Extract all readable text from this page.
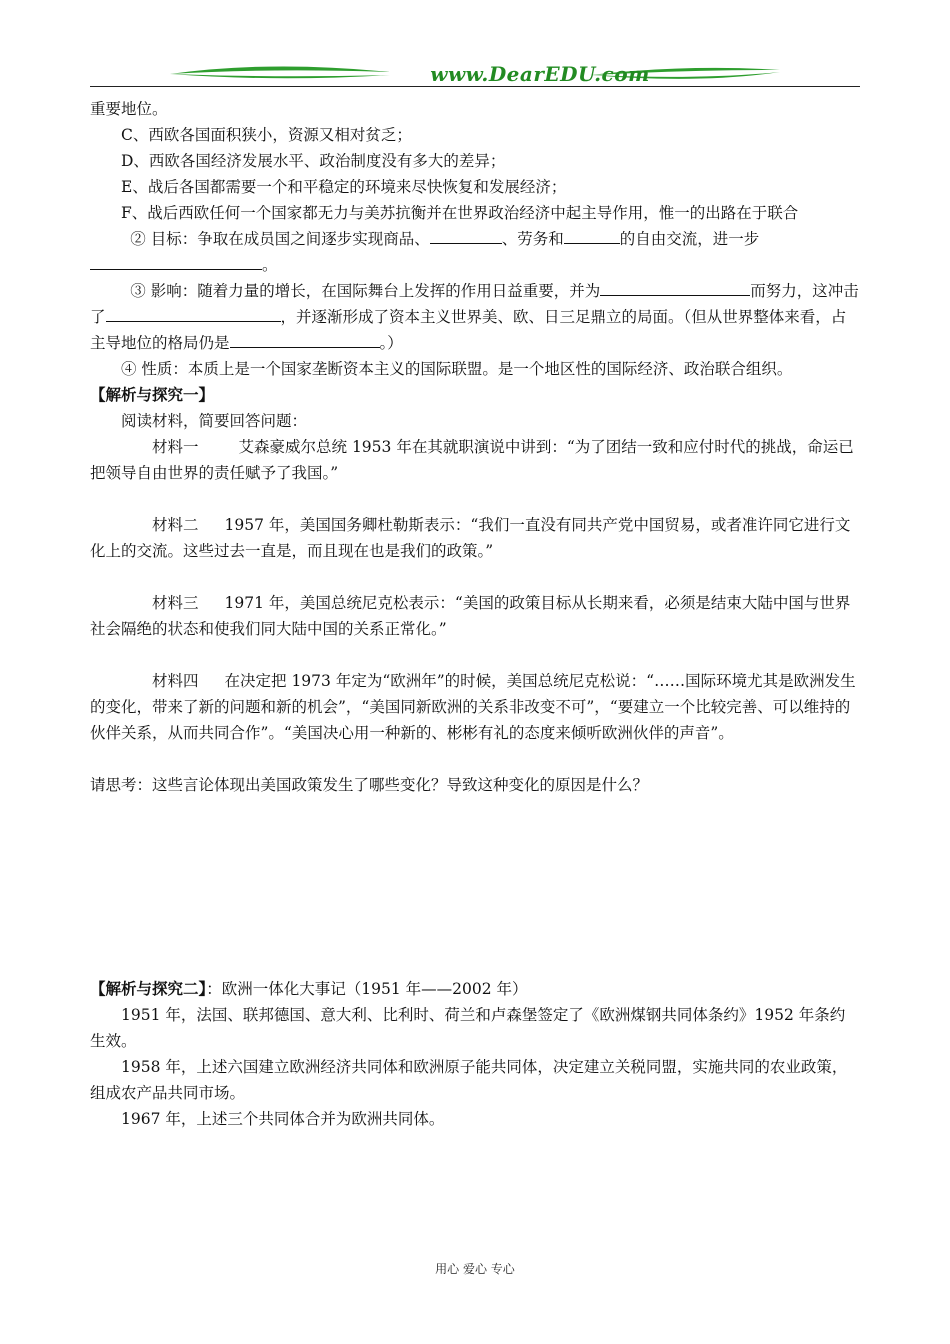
www.DearEDU.com

重要地位。

C、西欧各国面积狭小，资源又相对贫乏；

D、西欧各国经济发展水平、政治制度没有多大的差异；

E、战后各国都需要一个和平稳定的环境来尽快恢复和发展经济；

F、战后西欧任何一个国家都无力与美苏抗衡并在世界政治经济中起主导作用，惟一的出路在于联合

② 目标：争取在成员国之间逐步实现商品、	、劳务和	的自由交流，进一步
。

③ 影响：随着力量的增长，在国际舞台上发挥的作用日益重要，并为	而努力，这冲击了	，并逐渐形成了资本主义世界美、欧、日三足鼎立的局面。（但从世界整体来看，占主导地位的格局仍是	。）

④ 性质：本质上是一个国家垄断资本主义的国际联盟。是一个地区性的国际经济、政治联合组织。

【解析与探究一】

阅读材料，简要回答问题：

材料一	艾森豪威尔总统 1953 年在其就职演说中讲到：“为了团结一致和应付时代的挑战，命运已把领导自由世界的责任赋予了我国。”

材料二 1957 年，美国国务卿杜勒斯表示：“我们一直没有同共产党中国贸易，或者准许同它进行文化上的交流。这些过去一直是，而且现在也是我们的政策。”

材料三 1971 年，美国总统尼克松表示：“美国的政策目标从长期来看，必须是结束大陆中国与世界社会隔绝的状态和使我们同大陆中国的关系正常化。”

材料四 在决定把 1973 年定为“欧洲年”的时候，美国总统尼克松说：“……国际环境尤其是欧洲发生的变化，带来了新的问题和新的机会”，“美国同新欧洲的关系非改变不可”，“要建立一个比较完善、可以维持的伙伴关系，从而共同合作”。“美国决心用一种新的、彬彬有礼的态度来倾听欧洲伙伴的声音”。

请思考：这些言论体现出美国政策发生了哪些变化？导致这种变化的原因是什么？

【解析与探究二】：欧洲一体化大事记（1951 年——2002 年）

1951 年，法国、联邦德国、意大利、比利时、荷兰和卢森堡签定了《欧洲煤钢共同体条约》1952 年条约生效。

1958 年，上述六国建立欧洲经济共同体和欧洲原子能共同体，决定建立关税同盟，实施共同的农业政策，组成农产品共同市场。

1967 年，上述三个共同体合并为欧洲共同体。

用心 爱心 专心
